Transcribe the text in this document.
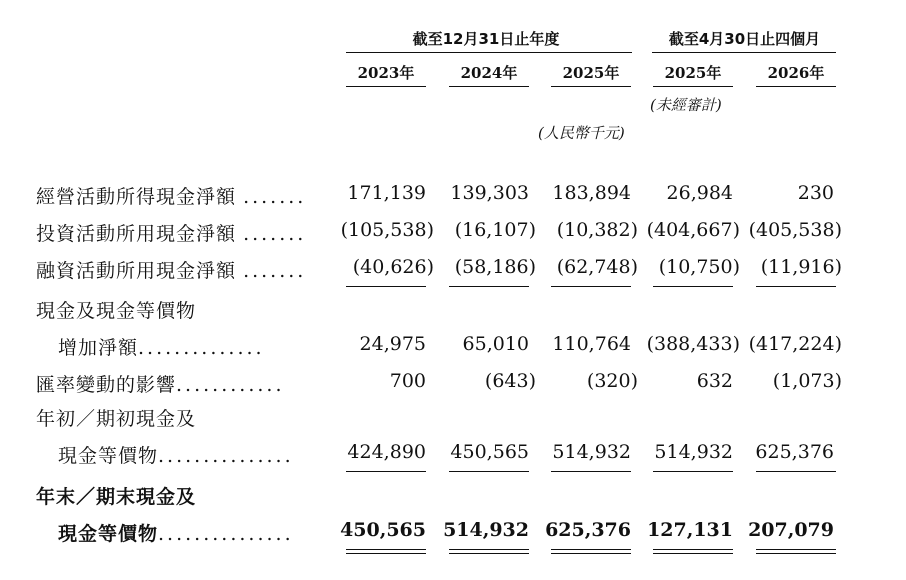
截至12月31日止年度	截至4月30日止四個月
2023年	2024年	2025年	2025年	2026年
(未經審計)
(人民幣千元)
經營活動所得現金淨額 ....... 171,139 139,303 183,894 26,984	230
投資活動所用現金淨額 ....... (105,538) (16,107) (10,382) (404,667) (405,538)
融資活動所用現金淨額 ....... (40,626) (58,186) (62,748) (10,750) (11,916)
現金及現金等價物
增加淨額..............	24,975 65,010 110,764 (388,433) (417,224)
匯率變動的影響............	700	(643)	(320)	632 (1,073)
年初／期初現金及
現金等價物...............	424,890 450,565 514,932 514,932 625,376
年末／期末現金及
現金等價物............... 450,565 514,932 625,376 127,131 207,079
